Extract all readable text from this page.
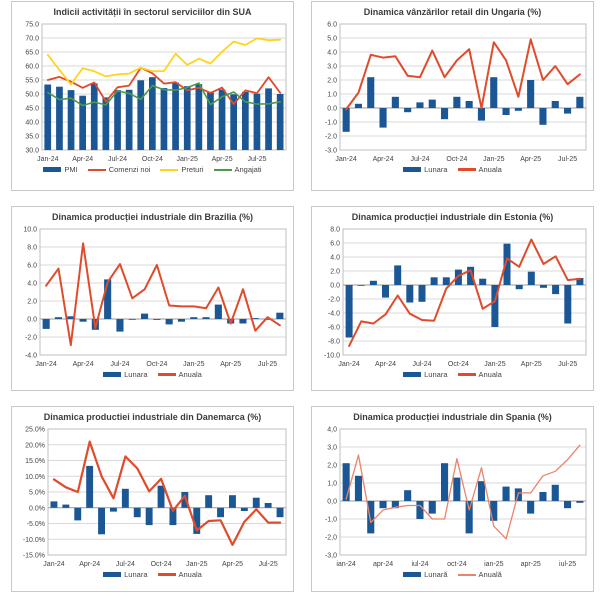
Indicii activității în sectorul serviciilor din SUA
30.0
35.0
40.0
45.0
50.0
55.0
60.0
65.0
70.0
75.0
Jan-24 Apr-24 Jul-24 Oct-24 Jan-25 Apr-25 Jul-25
PMI	Comenzi noi	Preturi	Angajati
Dinamica vânzărilor retail din Ungaria (%)
-3.0
-2.0
-1.0
0.0
1.0
2.0
3.0
4.0
5.0
6.0
Jan-24 Apr-24 Jul-24 Oct-24 Jan-25 Apr-25 Jul-25
Lunara	Anuala
Dinamica producției industriale din Brazilia (%)
-4.0
-2.0
0.0
2.0
4.0
6.0
8.0
10.0
Jan-24 Apr-24 Jul-24 Oct-24 Jan-25 Apr-25 Jul-25
Lunara	Anuala
Dinamica producției industriale din Estonia (%)
-10.0
-8.0
-6.0
-4.0
-2.0
0.0
2.0
4.0
6.0
8.0
Jan-24 Apr-24 Jul-24 Oct-24 Jan-25 Apr-25 Jul-25
Lunara	Anuala
Dinamica productiei industriale din Danemarca (%)
-15.0%
-10.0%
-5.0%
0.0%
5.0%
10.0%
15.0%
20.0%
25.0%
Jan-24 Apr-24 Jul-24 Oct-24 Jan-25 Apr-25 Jul-25
Lunara	Anuala
Dinamica producției industriale din Spania (%)
-3,0
-2,0
-1,0
0,0
1,0
2,0
3,0
4,0
ian-24 apr-24	iul-24	oct-24 ian-25 apr-25	iul-25
Lunară	Anuală
